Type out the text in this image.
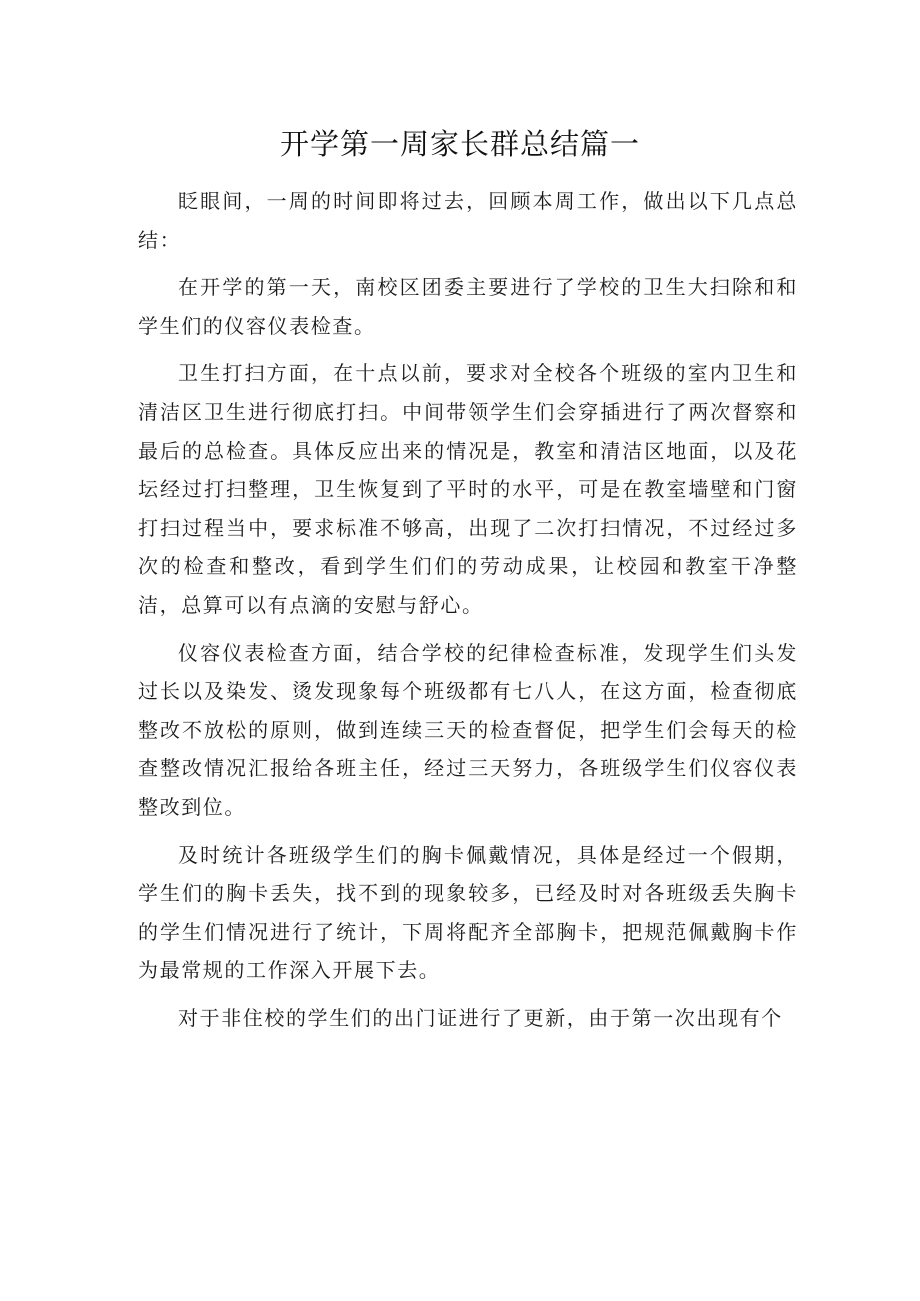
开学第一周家长群总结篇一

眨眼间，一周的时间即将过去，回顾本周工作，做出以下几点总结：

在开学的第一天，南校区团委主要进行了学校的卫生大扫除和和学生们的仪容仪表检查。

卫生打扫方面，在十点以前，要求对全校各个班级的室内卫生和清洁区卫生进行彻底打扫。中间带领学生们会穿插进行了两次督察和最后的总检查。具体反应出来的情况是，教室和清洁区地面，以及花坛经过打扫整理，卫生恢复到了平时的水平，可是在教室墙壁和门窗打扫过程当中，要求标准不够高，出现了二次打扫情况，不过经过多次的检查和整改，看到学生们们的劳动成果，让校园和教室干净整洁，总算可以有点滴的安慰与舒心。

仪容仪表检查方面，结合学校的纪律检查标准，发现学生们头发过长以及染发、烫发现象每个班级都有七八人，在这方面，检查彻底整改不放松的原则，做到连续三天的检查督促，把学生们会每天的检查整改情况汇报给各班主任，经过三天努力，各班级学生们仪容仪表整改到位。

及时统计各班级学生们的胸卡佩戴情况，具体是经过一个假期，学生们的胸卡丢失，找不到的现象较多，已经及时对各班级丢失胸卡的学生们情况进行了统计，下周将配齐全部胸卡，把规范佩戴胸卡作为最常规的工作深入开展下去。

对于非住校的学生们的出门证进行了更新，由于第一次出现有个
